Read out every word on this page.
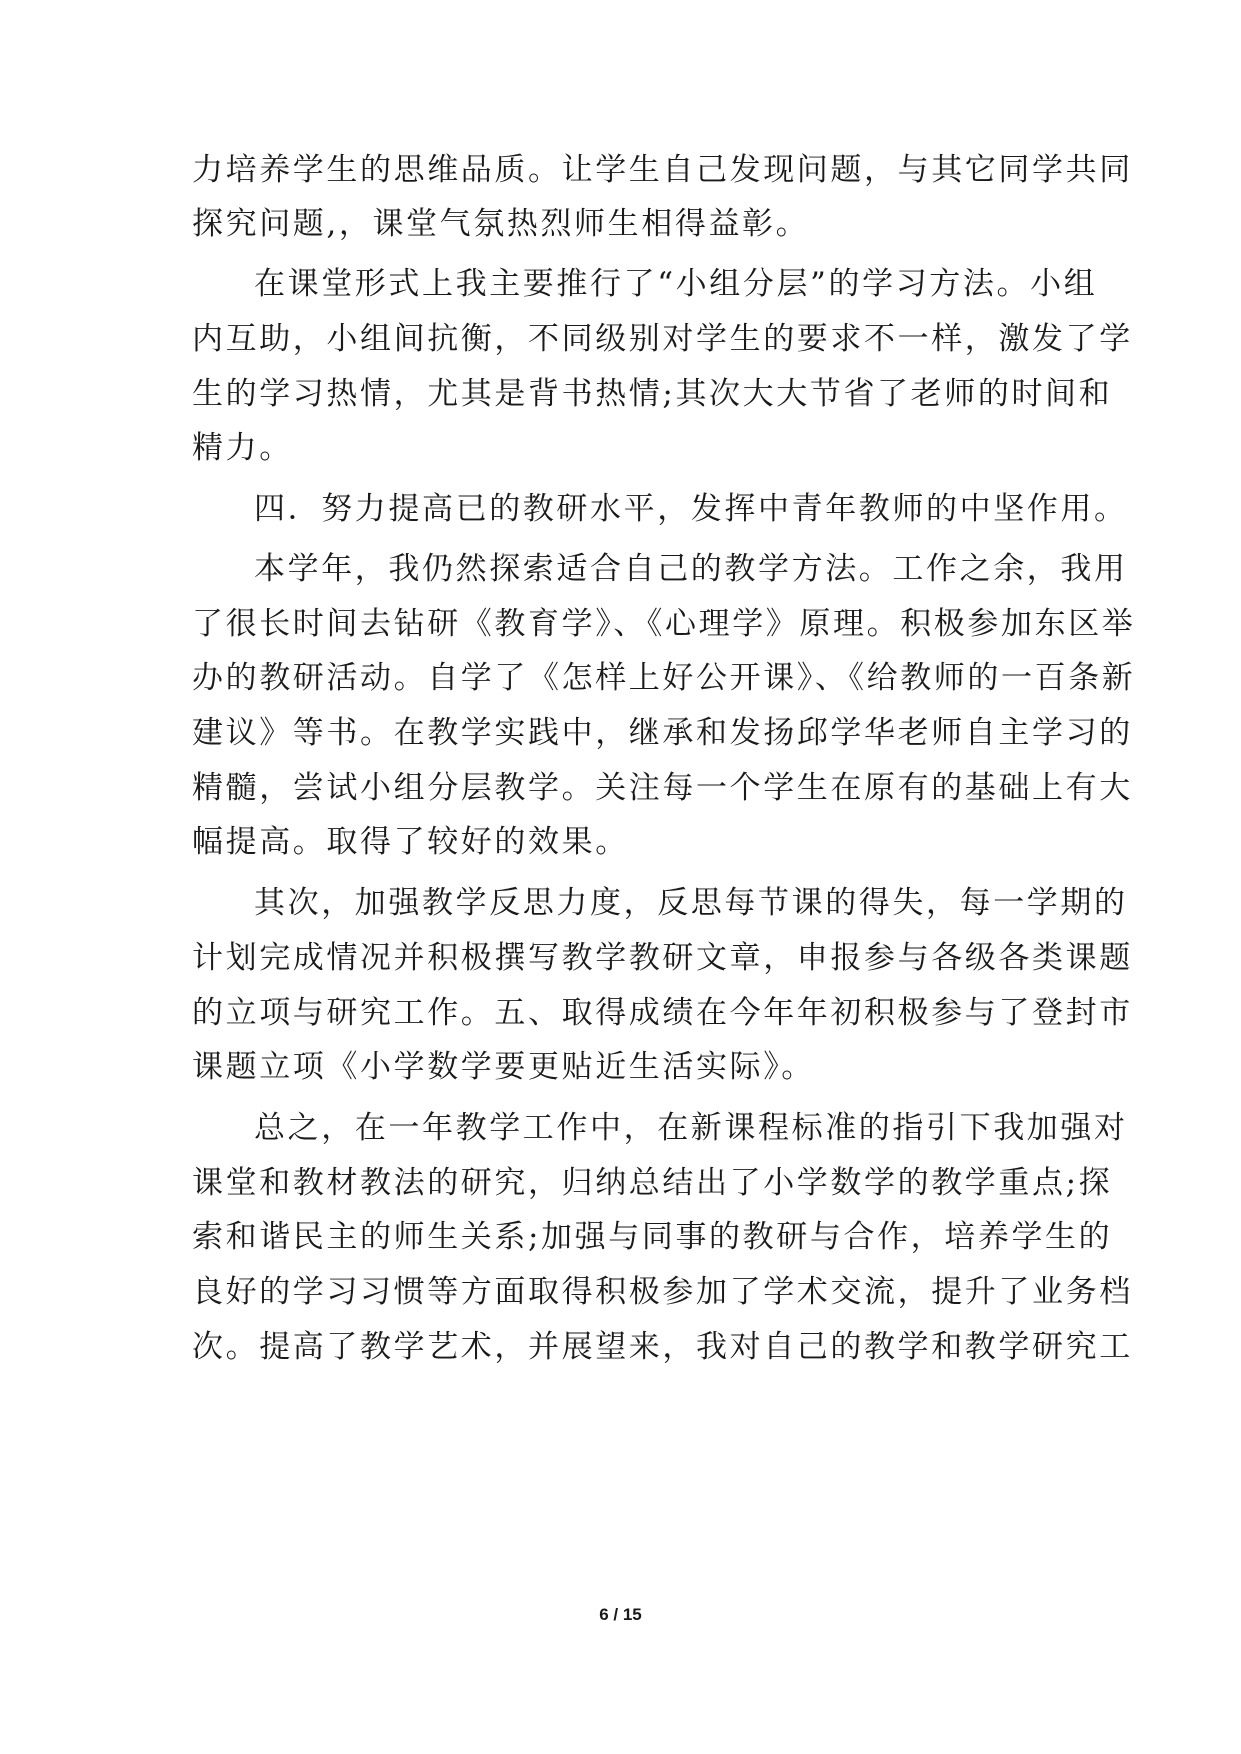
力培养学生的思维品质。让学生自己发现问题，与其它同学共同
探究问题,，课堂气氛热烈师生相得益彰。
在课堂形式上我主要推行了“小组分层”的学习方法。小组
内互助，小组间抗衡，不同级别对学生的要求不一样，激发了学
生的学习热情，尤其是背书热情;其次大大节省了老师的时间和
精力。
四．努力提高已的教研水平，发挥中青年教师的中坚作用。
本学年，我仍然探索适合自己的教学方法。工作之余，我用
了很长时间去钻研《教育学》、《心理学》原理。积极参加东区举
办的教研活动。自学了《怎样上好公开课》、《给教师的一百条新
建议》等书。在教学实践中，继承和发扬邱学华老师自主学习的
精髓，尝试小组分层教学。关注每一个学生在原有的基础上有大
幅提高。取得了较好的效果。
其次，加强教学反思力度，反思每节课的得失，每一学期的
计划完成情况并积极撰写教学教研文章，申报参与各级各类课题
的立项与研究工作。五、取得成绩在今年年初积极参与了登封市
课题立项《小学数学要更贴近生活实际》。
总之，在一年教学工作中，在新课程标准的指引下我加强对
课堂和教材教法的研究，归纳总结出了小学数学的教学重点;探
索和谐民主的师生关系;加强与同事的教研与合作，培养学生的
良好的学习习惯等方面取得积极参加了学术交流，提升了业务档
次。提高了教学艺术，并展望来，我对自己的教学和教学研究工
6 / 15
